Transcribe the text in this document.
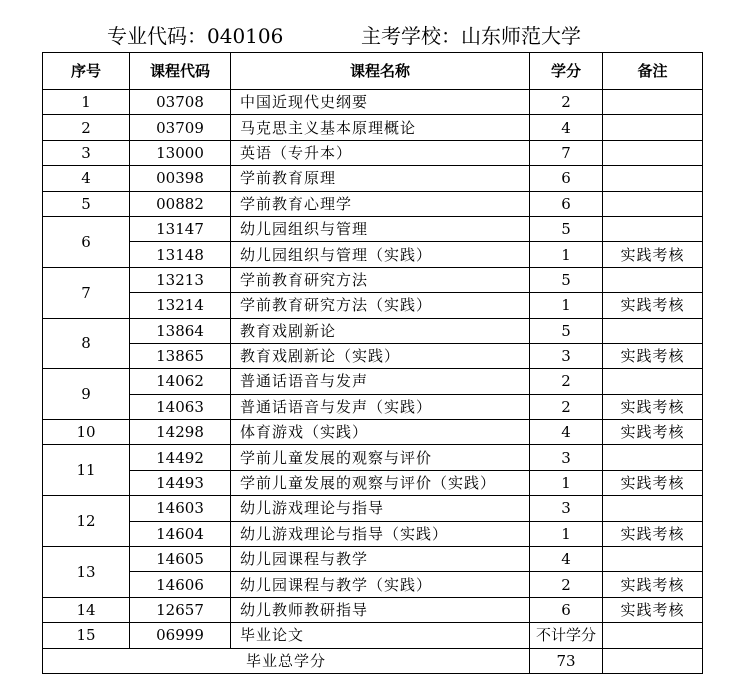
专业代码：040106	主考学校：山东师范大学
序号	课程代码	课程名称	学分	备注
1	03708	中国近现代史纲要	2	
2	03709	马克思主义基本原理概论	4	
3	13000	英语（专升本）	7	
4	00398	学前教育原理	6	
5	00882	学前教育心理学	6	
6	13147	幼儿园组织与管理	5	
	13148	幼儿园组织与管理（实践）	1	实践考核
7	13213	学前教育研究方法	5	
	13214	学前教育研究方法（实践）	1	实践考核
8	13864	教育戏剧新论	5	
	13865	教育戏剧新论（实践）	3	实践考核
9	14062	普通话语音与发声	2	
	14063	普通话语音与发声（实践）	2	实践考核
10	14298	体育游戏（实践）	4	实践考核
11	14492	学前儿童发展的观察与评价	3	
	14493	学前儿童发展的观察与评价（实践）	1	实践考核
12	14603	幼儿游戏理论与指导	3	
	14604	幼儿游戏理论与指导（实践）	1	实践考核
13	14605	幼儿园课程与教学	4	
	14606	幼儿园课程与教学（实践）	2	实践考核
14	12657	幼儿教师教研指导	6	实践考核
15	06999	毕业论文	不计学分	
毕业总学分			73	
